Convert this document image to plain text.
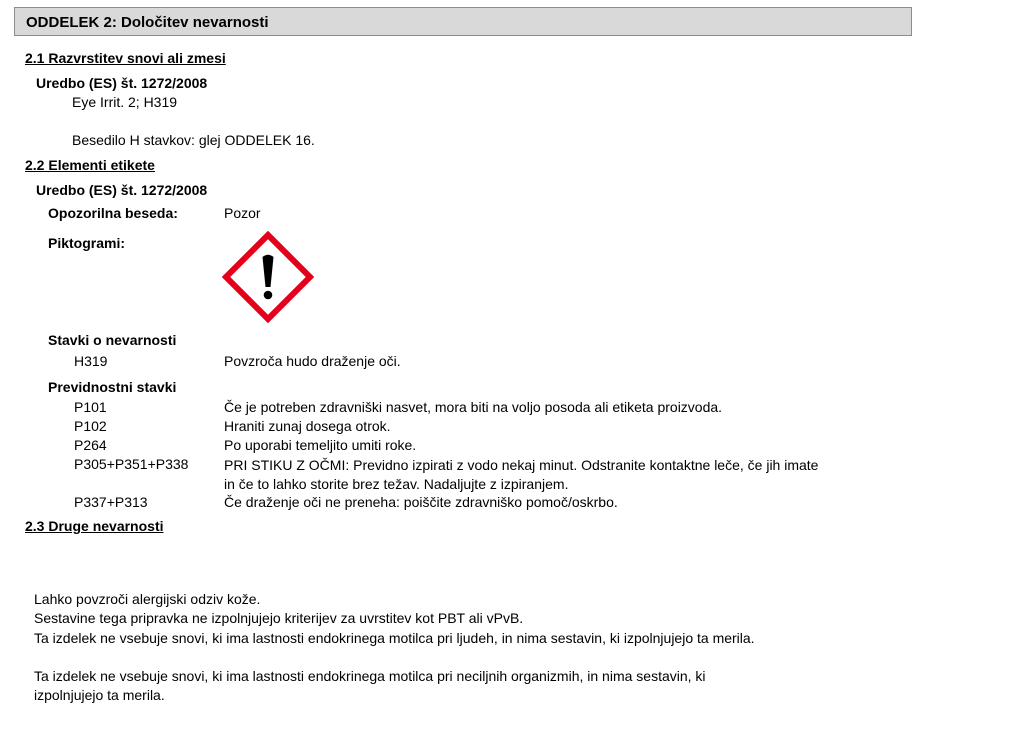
ODDELEK 2: Določitev nevarnosti
2.1 Razvrstitev snovi ali zmesi
Uredbo (ES) št. 1272/2008
Eye Irrit. 2; H319
Besedilo H stavkov: glej ODDELEK 16.
2.2 Elementi etikete
Uredbo (ES) št. 1272/2008
Opozorilna beseda:	Pozor
Piktogrami:
Stavki o nevarnosti
H319	Povzroča hudo draženje oči.
Previdnostni stavki
P101	Če je potreben zdravniški nasvet, mora biti na voljo posoda ali etiketa proizvoda.
P102	Hraniti zunaj dosega otrok.
P264	Po uporabi temeljito umiti roke.
P305+P351+P338	PRI STIKU Z OČMI: Previdno izpirati z vodo nekaj minut. Odstranite kontaktne leče, če jih imate in če to lahko storite brez težav. Nadaljujte z izpiranjem.
P337+P313	Če draženje oči ne preneha: poiščite zdravniško pomoč/oskrbo.
2.3 Druge nevarnosti
Lahko povzroči alergijski odziv kože.
Sestavine tega pripravka ne izpolnjujejo kriterijev za uvrstitev kot PBT ali vPvB.
Ta izdelek ne vsebuje snovi, ki ima lastnosti endokrinega motilca pri ljudeh, in nima sestavin, ki izpolnjujejo ta merila.
Ta izdelek ne vsebuje snovi, ki ima lastnosti endokrinega motilca pri neciljnih organizmih, in nima sestavin, ki izpolnjujejo ta merila.
